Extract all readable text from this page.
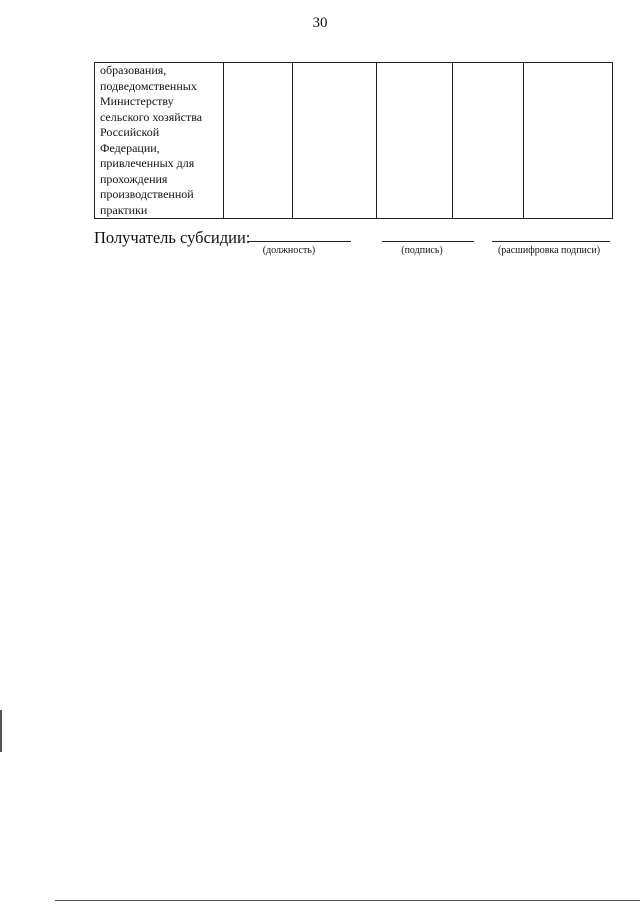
30
образования,
подведомственных
Министерству
сельского хозяйства
Российской
Федерации,
привлеченных для
прохождения
производственной
практики

Получатель субсидии:
(должность)	(подпись)	(расшифровка подписи)
